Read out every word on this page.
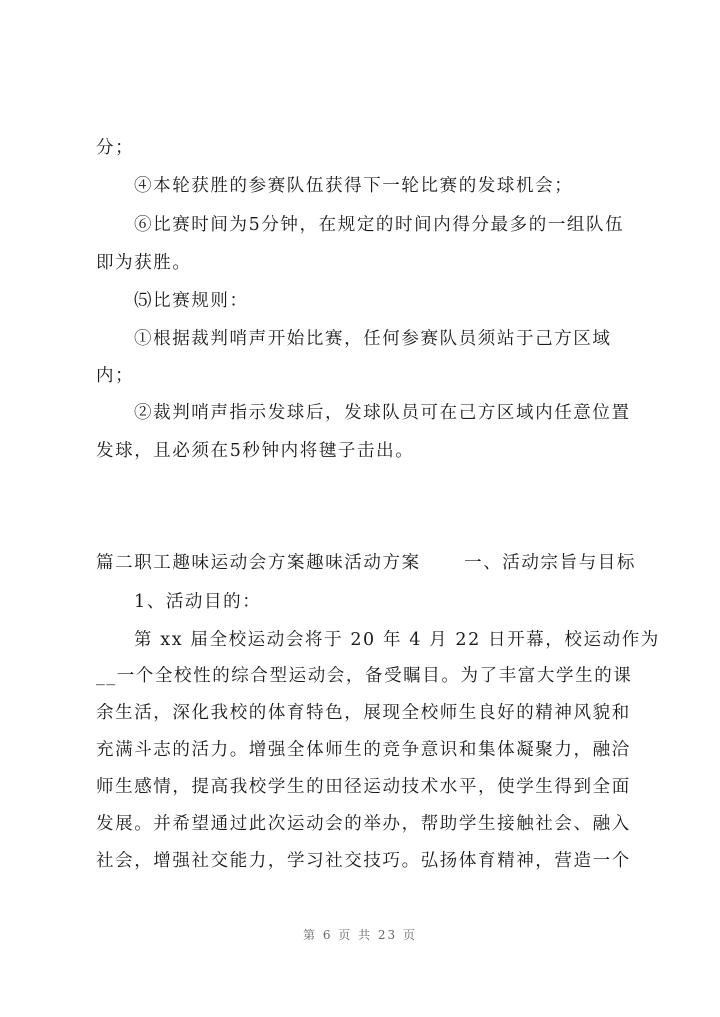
分；
④本轮获胜的参赛队伍获得下一轮比赛的发球机会；
⑥比赛时间为5分钟，在规定的时间内得分最多的一组队伍
即为获胜。
⑸比赛规则：
①根据裁判哨声开始比赛，任何参赛队员须站于己方区域
内；
②裁判哨声指示发球后，发球队员可在己方区域内任意位置
发球，且必须在5秒钟内将毽子击出。
篇二职工趣味运动会方案趣味活动方案 一、活动宗旨与目标
1、活动目的：
第 xx 届全校运动会将于 20 年 4 月 22 日开幕，校运动作为
__一个全校性的综合型运动会，备受瞩目。为了丰富大学生的课
余生活，深化我校的体育特色，展现全校师生良好的精神风貌和
充满斗志的活力。增强全体师生的竞争意识和集体凝聚力，融洽
师生感情，提高我校学生的田径运动技术水平，使学生得到全面
发展。并希望通过此次运动会的举办，帮助学生接触社会、融入
社会，增强社交能力，学习社交技巧。弘扬体育精神，营造一个
第 6 页 共 23 页
